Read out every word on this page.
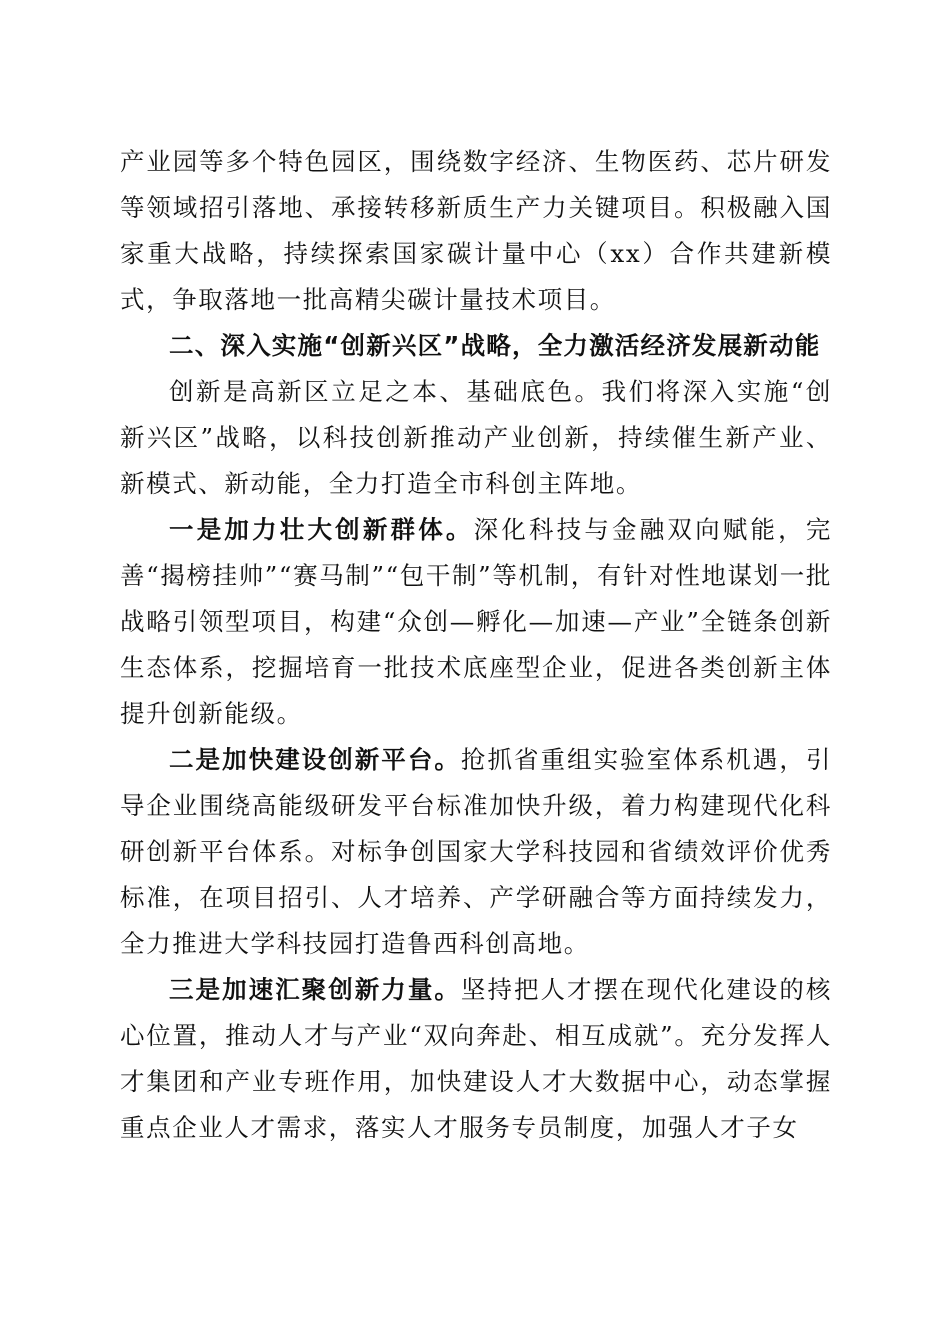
产业园等多个特色园区，围绕数字经济、生物医药、芯片研发等领域招引落地、承接转移新质生产力关键项目。积极融入国家重大战略，持续探索国家碳计量中心（xx）合作共建新模式，争取落地一批高精尖碳计量技术项目。

二、深入实施“创新兴区”战略，全力激活经济发展新动能

创新是高新区立足之本、基础底色。我们将深入实施“创新兴区”战略，以科技创新推动产业创新，持续催生新产业、新模式、新动能，全力打造全市科创主阵地。

一是加力壮大创新群体。深化科技与金融双向赋能，完善“揭榜挂帅”“赛马制”“包干制”等机制，有针对性地谋划一批战略引领型项目，构建“众创—孵化—加速—产业”全链条创新生态体系，挖掘培育一批技术底座型企业，促进各类创新主体提升创新能级。

二是加快建设创新平台。抢抓省重组实验室体系机遇，引导企业围绕高能级研发平台标准加快升级，着力构建现代化科研创新平台体系。对标争创国家大学科技园和省绩效评价优秀标准，在项目招引、人才培养、产学研融合等方面持续发力，全力推进大学科技园打造鲁西科创高地。

三是加速汇聚创新力量。坚持把人才摆在现代化建设的核心位置，推动人才与产业“双向奔赴、相互成就”。充分发挥人才集团和产业专班作用，加快建设人才大数据中心，动态掌握重点企业人才需求，落实人才服务专员制度，加强人才子女
